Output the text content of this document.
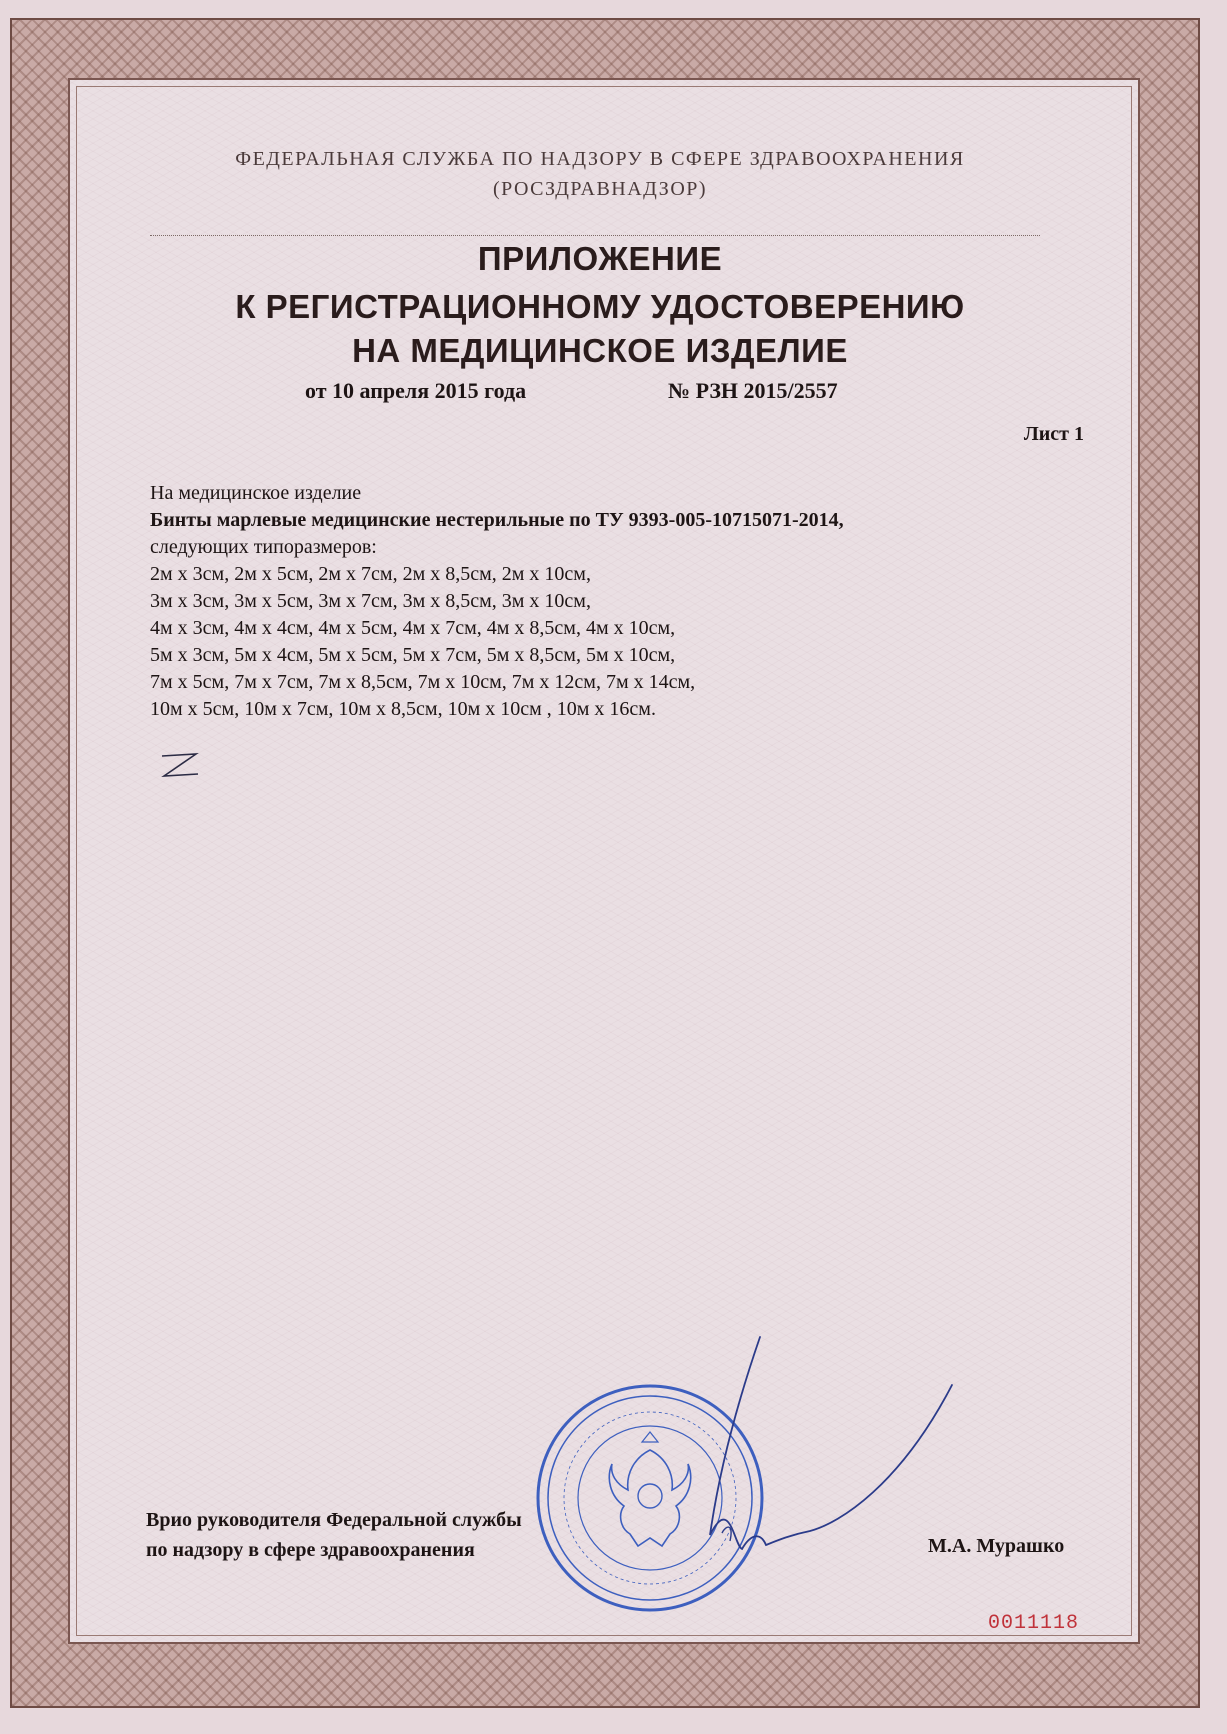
ФЕДЕРАЛЬНАЯ СЛУЖБА ПО НАДЗОРУ В СФЕРЕ ЗДРАВООХРАНЕНИЯ
(РОСЗДРАВНАДЗОР)
ПРИЛОЖЕНИЕ
К РЕГИСТРАЦИОННОМУ УДОСТОВЕРЕНИЮ
НА МЕДИЦИНСКОЕ ИЗДЕЛИЕ
от 10 апреля 2015 года	№ РЗН 2015/2557
Лист 1
На медицинское изделие
Бинты марлевые медицинские нестерильные по ТУ 9393-005-10715071-2014,
следующих типоразмеров:
2м х 3см, 2м х 5см, 2м х 7см, 2м х 8,5см, 2м х 10см,
3м х 3см, 3м х 5см, 3м х 7см, 3м х 8,5см, 3м х 10см,
4м х 3см, 4м х 4см, 4м х 5см, 4м х 7см, 4м х 8,5см, 4м х 10см,
5м х 3см, 5м х 4см, 5м х 5см, 5м х 7см, 5м х 8,5см, 5м х 10см,
7м х 5см, 7м х 7см, 7м х 8,5см, 7м х 10см, 7м х 12см, 7м х 14см,
10м х 5см, 10м х 7см, 10м х 8,5см, 10м х 10см , 10м х 16см.
Врио руководителя Федеральной службы
по надзору в сфере здравоохранения	М.А. Мурашко
0011118
